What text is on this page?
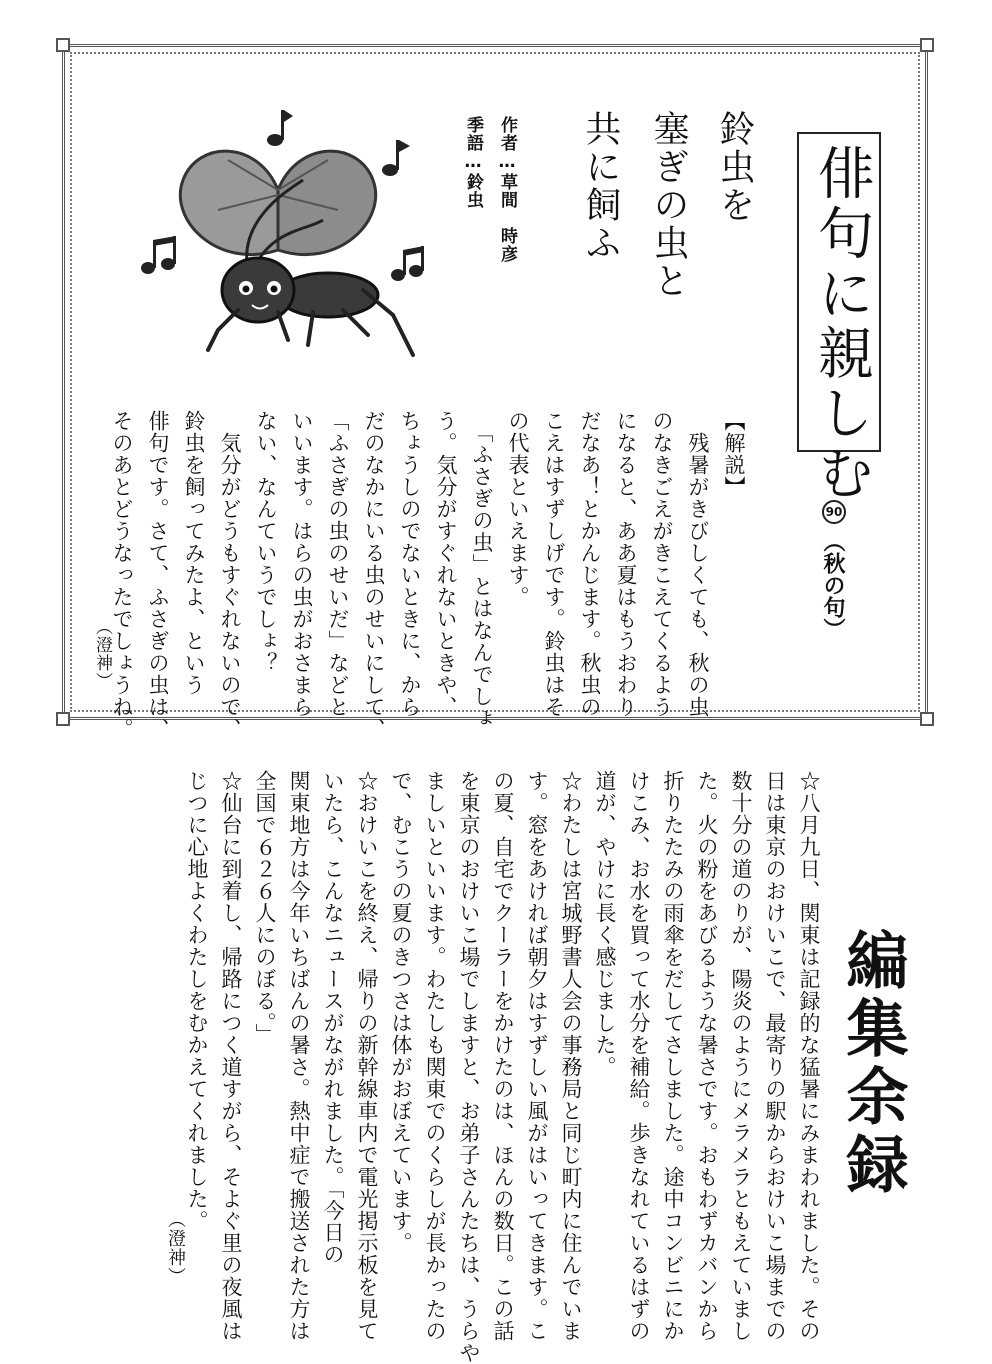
俳句に親しむ
90
（秋の句）
鈴虫を
塞ぎの虫と
共に飼ふ
作者…草間　時彦
季語…鈴虫
【解説】
　残暑がきびしくても、秋の虫
のなきごえがきこえてくるよう
になると、ああ夏はもうおわり
だなあ！とかんじます。秋虫の
こえはすずしげです。鈴虫はそ
の代表といえます。
　「ふさぎの虫」とはなんでしょ
う。気分がすぐれないときや、
ちょうしのでないときに、から
だのなかにいる虫のせいにして、
「ふさぎの虫のせいだ」などと
いいます。はらの虫がおさまら
ない、なんていうでしょ？
　気分がどうもすぐれないので、
鈴虫を飼ってみたよ、という
俳句です。さて、ふさぎの虫は、
そのあとどうなったでしょうね。
（澄神）
編集余録
☆八月九日、関東は記録的な猛暑にみまわれました。その
日は東京のおけいこで、最寄りの駅からおけいこ場までの
数十分の道のりが、陽炎のようにメラメラともえていまし
た。火の粉をあびるような暑さです。おもわずカバンから
折りたたみの雨傘をだしてさしました。途中コンビニにか
けこみ、お水を買って水分を補給。歩きなれているはずの
道が、やけに長く感じました。
☆わたしは宮城野書人会の事務局と同じ町内に住んでいま
す。窓をあければ朝夕はすずしい風がはいってきます。こ
の夏、自宅でクーラーをかけたのは、ほんの数日。この話
を東京のおけいこ場でしますと、お弟子さんたちは、うらや
ましいといいます。わたしも関東でのくらしが長かったの
で、むこうの夏のきつさは体がおぼえています。
☆おけいこを終え、帰りの新幹線車内で電光掲示板を見て
いたら、こんなニュースがながれました。「今日の
関東地方は今年いちばんの暑さ。熱中症で搬送された方は
全国で６２６人にのぼる。」
☆仙台に到着し、帰路につく道すがら、そよぐ里の夜風は
じつに心地よくわたしをむかえてくれました。
（澄神）
